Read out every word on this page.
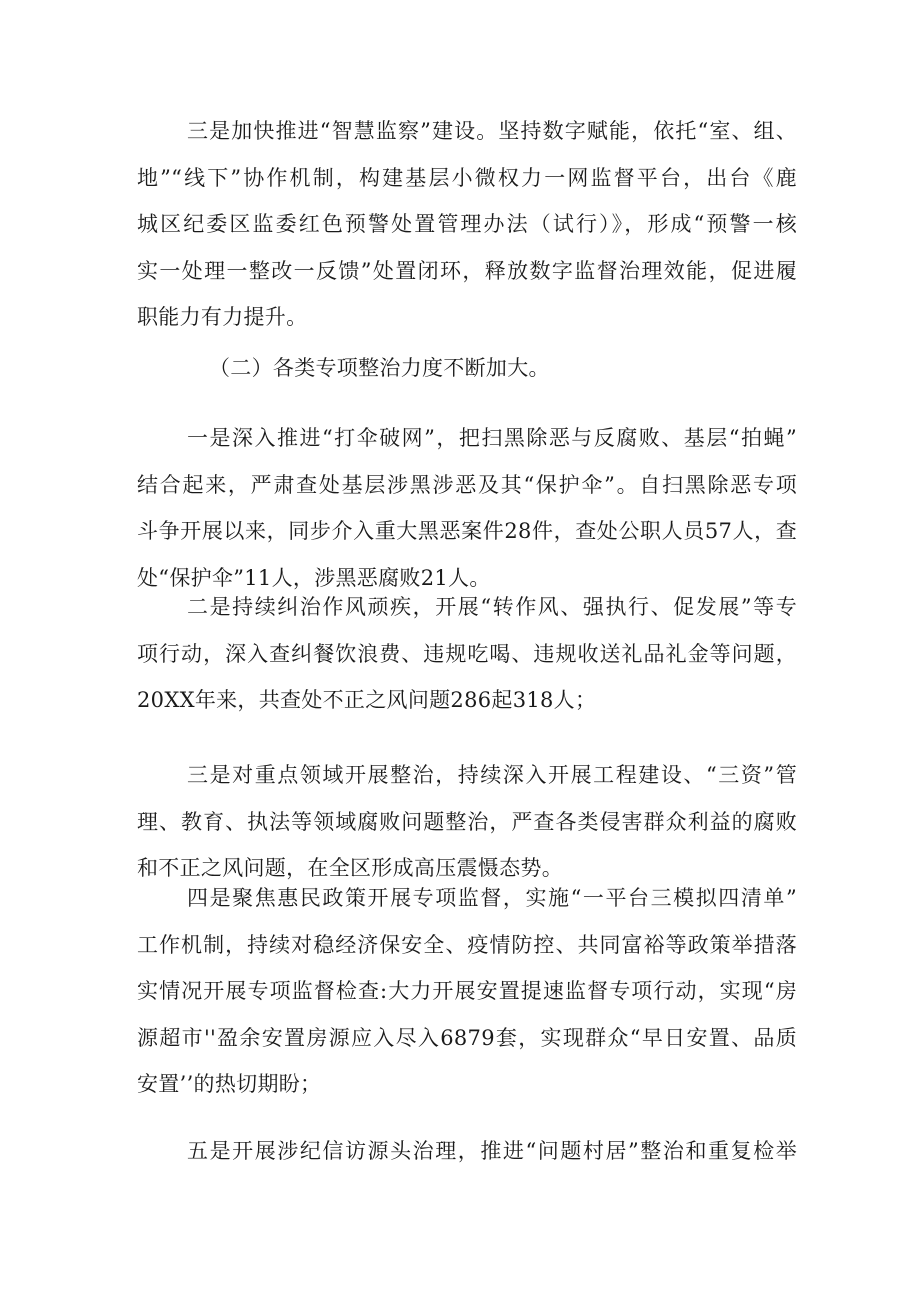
三是加快推进“智慧监察”建设。坚持数字赋能，依托“室、组、
地”“线下”协作机制，构建基层小微权力一网监督平台，出台《鹿
城区纪委区监委红色预警处置管理办法（试行）》，形成“预警一核
实一处理一整改一反馈”处置闭环，释放数字监督治理效能，促进履
职能力有力提升。
（二）各类专项整治力度不断加大。
一是深入推进“打伞破网”，把扫黑除恶与反腐败、基层“拍蝇”
结合起来，严肃查处基层涉黑涉恶及其“保护伞”。自扫黑除恶专项
斗争开展以来，同步介入重大黑恶案件28件，查处公职人员57人，查
处“保护伞”11人，涉黑恶腐败21人。
二是持续纠治作风顽疾，开展“转作风、强执行、促发展”等专
项行动，深入查纠餐饮浪费、违规吃喝、违规收送礼品礼金等问题，
20XX年来，共查处不正之风问题286起318人；
三是对重点领域开展整治，持续深入开展工程建设、“三资”管
理、教育、执法等领域腐败问题整治，严查各类侵害群众利益的腐败
和不正之风问题，在全区形成高压震慑态势。
四是聚焦惠民政策开展专项监督，实施“一平台三模拟四清单”
工作机制，持续对稳经济保安全、疫情防控、共同富裕等政策举措落
实情况开展专项监督检查:大力开展安置提速监督专项行动，实现“房
源超市''盈余安置房源应入尽入6879套，实现群众“早日安置、品质
安置’’的热切期盼；
五是开展涉纪信访源头治理，推进“问题村居”整治和重复检举
